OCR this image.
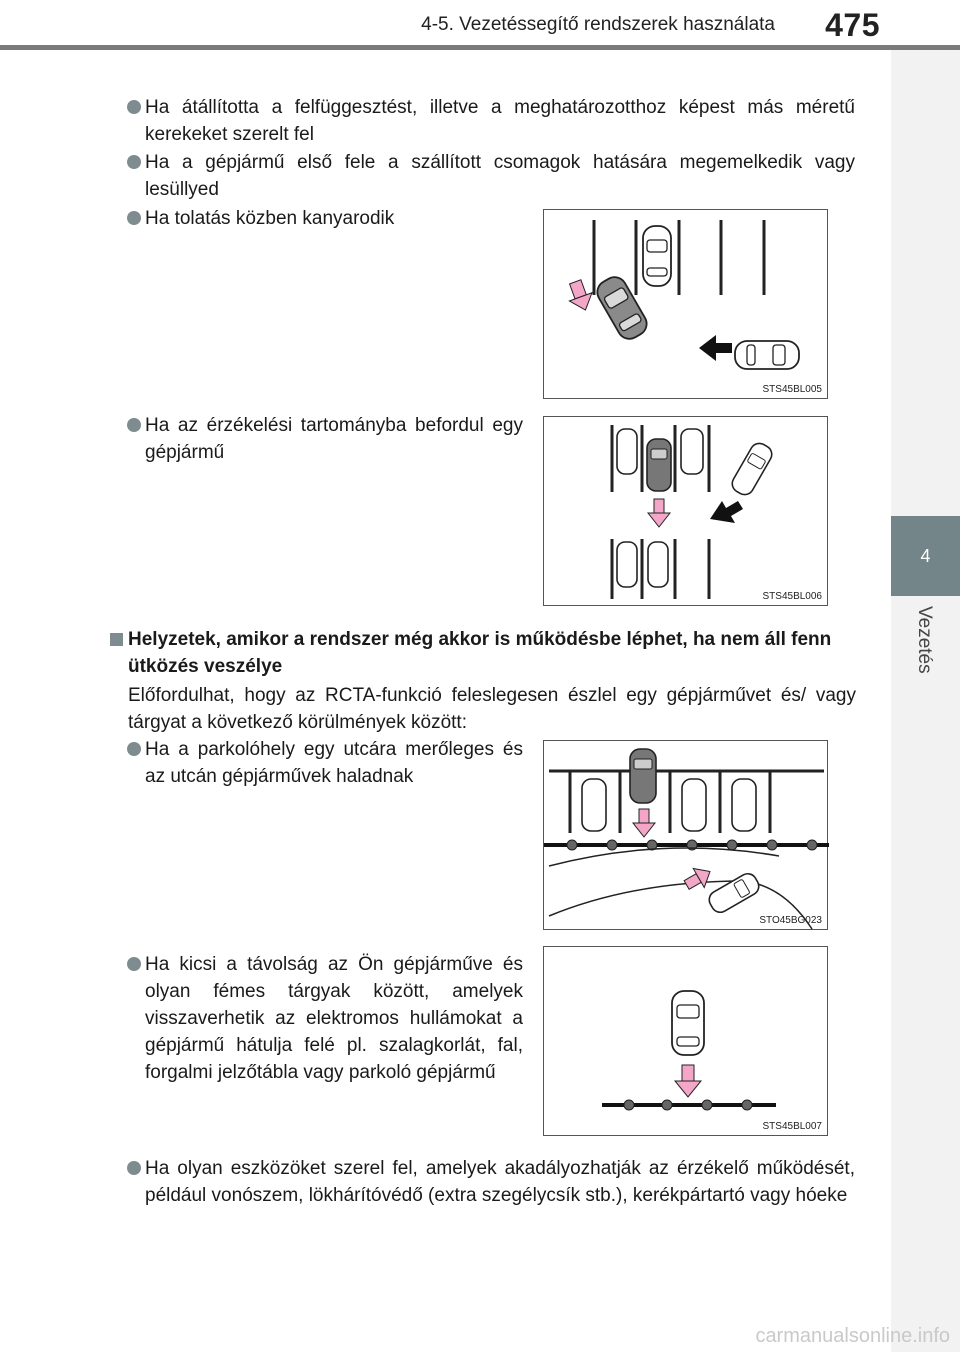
4-5. Vezetéssegítő rendszerek használata	475
4
Vezetés
Ha átállította a felfüggesztést, illetve a meghatározotthoz képest más méretű kerekeket szerelt fel
Ha a gépjármű első fele a szállított csomagok hatására megemelkedik vagy lesüllyed
Ha tolatás közben kanyarodik
Ha az érzékelési tartományba befordul egy gépjármű
STS45BL005
STS45BL006
Helyzetek, amikor a rendszer még akkor is működésbe léphet, ha nem áll fenn ütközés veszélye
Előfordulhat, hogy az RCTA-funkció feleslegesen észlel egy gépjárművet és/ vagy tárgyat a következő körülmények között:
Ha a parkolóhely egy utcára merőleges és az utcán gépjárművek haladnak
Ha kicsi a távolság az Ön gépjárműve és olyan fémes tárgyak között, amelyek visszaverhetik az elektromos hullámokat a gépjármű hátulja felé pl. szalagkorlát, fal, forgalmi jelzőtábla vagy parkoló gépjármű
Ha olyan eszközöket szerel fel, amelyek akadályozhatják az érzékelő működését, például vonószem, lökhárítóvédő (extra szegélycsík stb.), kerékpártartó vagy hóeke
STO45BG023
STS45BL007
carmanualsonline.info
